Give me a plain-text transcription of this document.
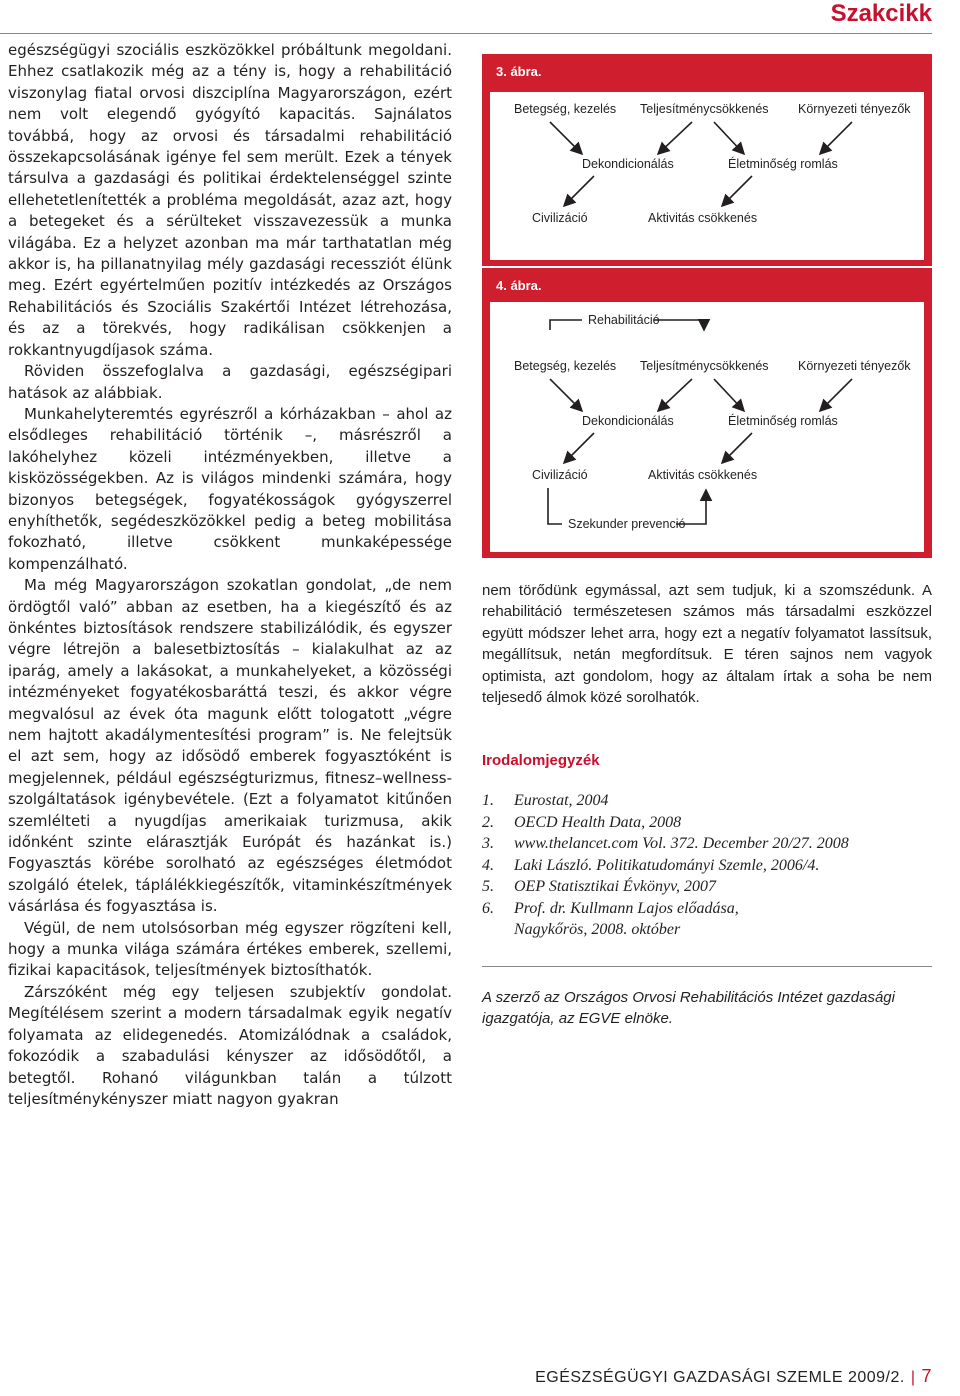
Szakcikk

egészségügyi szociális eszközökkel próbáltunk megoldani. Ehhez csatlakozik még az a tény is, hogy a rehabilitáció viszonylag fiatal orvosi diszciplína Magyarországon, ezért nem volt elegendő gyógyító kapacitás. Sajnálatos továbbá, hogy az orvosi és társadalmi rehabilitáció összekapcsolásának igénye fel sem merült. Ezek a tények társulva a gazdasági és politikai érdektelenséggel szinte ellehetetlenítették a probléma megoldását, azaz azt, hogy a betegeket és a sérülteket visszavezessük a munka világába. Ez a helyzet azonban ma már tarthatatlan még akkor is, ha pillanatnyilag mély gazdasági recessziót élünk meg. Ezért egyértelműen pozitív intézkedés az Országos Rehabilitációs és Szociális Szakértői Intézet létrehozása, és az a törekvés, hogy radikálisan csökkenjen a rokkantnyugdíjasok száma.

Röviden összefoglalva a gazdasági, egészségipari hatások az alábbiak.

Munkahelyteremtés egyrészről a kórházakban – ahol az elsődleges rehabilitáció történik –, másrészről a lakóhelyhez közeli intézményekben, illetve a kisközösségekben. Az is világos mindenki számára, hogy bizonyos betegségek, fogyatékosságok gyógyszerrel enyhíthetők, segédeszközökkel pedig a beteg mobilitása fokozható, illetve csökkent munkaképessége kompenzálható.

Ma még Magyarországon szokatlan gondolat, „de nem ördögtől való” abban az esetben, ha a kiegészítő és az önkéntes biztosítások rendszere stabilizálódik, és egyszer végre létrejön a balesetbiztosítás – kialakulhat az az iparág, amely a lakásokat, a munkahelyeket, a közösségi intézményeket fogyatékosbaráttá teszi, és akkor végre megvalósul az évek óta magunk előtt tologatott „végre nem hajtott akadálymentesítési program” is. Ne felejtsük el azt sem, hogy az idősödő emberek fogyasztóként is megjelennek, például egészségturizmus, fitnesz–wellness-szolgáltatások igénybevétele. (Ezt a folyamatot kitűnően szemlélteti a nyugdíjas amerikaiak turizmusa, akik időnként szinte elárasztják Európát és hazánkat is.) Fogyasztás körébe sorolható az egészséges életmódot szolgáló ételek, táplálékkiegészítők, vitaminkészítmények vásárlása és fogyasztása is.

Végül, de nem utolsósorban még egyszer rögzíteni kell, hogy a munka világa számára értékes emberek, szellemi, fizikai kapacitások, teljesítmények biztosíthatók.

Zárszóként még egy teljesen szubjektív gondolat. Megítélésem szerint a modern társadalmak egyik negatív folyamata az elidegenedés. Atomizálódnak a családok, fokozódik a szabadulási kényszer az idősödőtől, a betegtől. Rohanó világunkban talán a túlzott teljesítménykényszer miatt nagyon gyakran

3. ábra.
Betegség, kezelés Teljesítménycsökkenés Környezeti tényezők
Dekondicionálás	Életminőség romlás
Civilizáció	Aktivitás csökkenés
4. ábra.
Rehabilitáció
Betegség, kezelés Teljesítménycsökkenés Környezeti tényezők
Dekondicionálás	Életminőség romlás
Civilizáció	Aktivitás csökkenés
Szekunder prevenció

nem törődünk egymással, azt sem tudjuk, ki a szomszédunk. A rehabilitáció természetesen számos más társadalmi eszközzel együtt módszer lehet arra, hogy ezt a negatív folyamatot lassítsuk, megállítsuk, netán megfordítsuk. E téren sajnos nem vagyok optimista, azt gondolom, hogy az általam írtak a soha be nem teljesedő álmok közé sorolhatók.

Irodalomjegyzék
1.	Eurostat, 2004
2.	OECD Health Data, 2008
3.	www.thelancet.com Vol. 372. December 20/27. 2008
4.	Laki László. Politikatudományi Szemle, 2006/4.
5.	OEP Statisztikai Évkönyv, 2007
6.	Prof. dr. Kullmann Lajos előadása, Nagykőrös, 2008. október
A szerző az Országos Orvosi Rehabilitációs Intézet gazdasági igazgatója, az EGVE elnöke.
EGÉSZSÉGÜGYI GAZDASÁGI SZEMLE 2009/2. | 7
